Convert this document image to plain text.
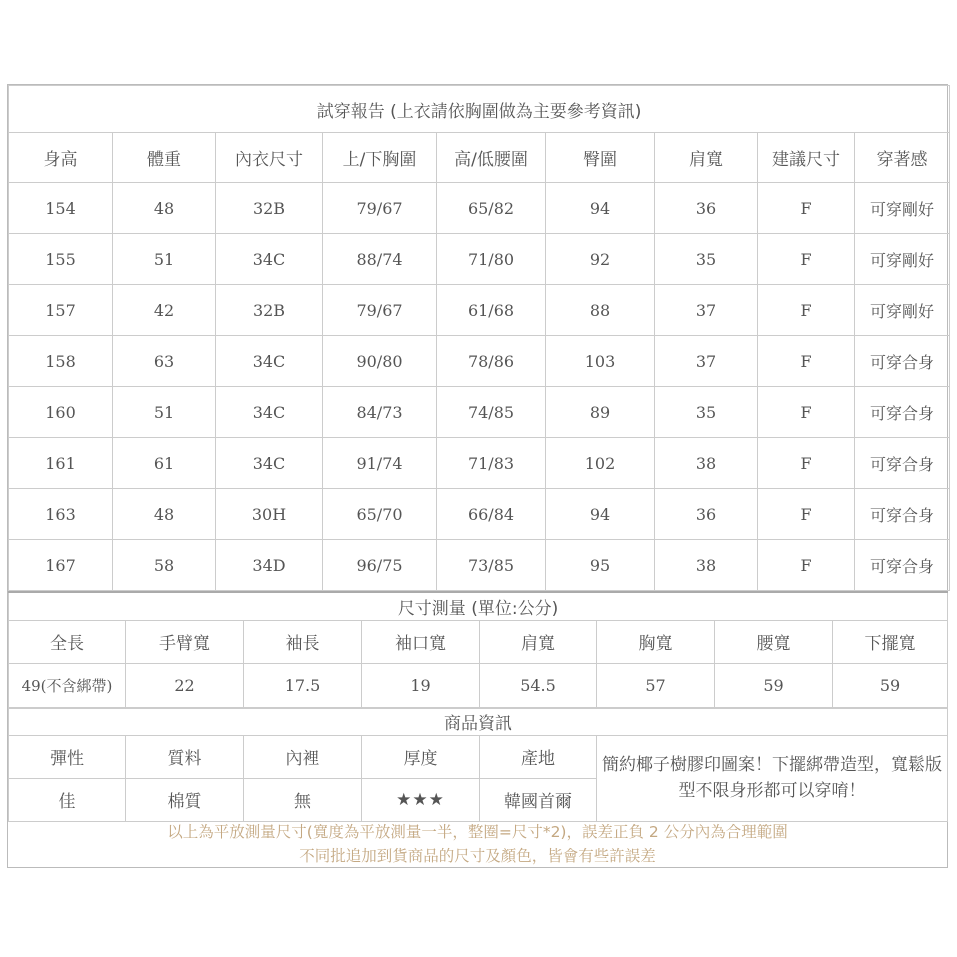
試穿報告 (上衣請依胸圍做為主要參考資訊)								
身高	體重	內衣尺寸	上/下胸圍	高/低腰圍	臀圍	肩寬	建議尺寸	穿著感
154	48	32B	79/67	65/82	94	36	F	可穿剛好
155	51	34C	88/74	71/80	92	35	F	可穿剛好
157	42	32B	79/67	61/68	88	37	F	可穿剛好
158	63	34C	90/80	78/86	103	37	F	可穿合身
160	51	34C	84/73	74/85	89	35	F	可穿合身
161	61	34C	91/74	71/83	102	38	F	可穿合身
163	48	30H	65/70	66/84	94	36	F	可穿合身
167	58	34D	96/75	73/85	95	38	F	可穿合身
尺寸測量 (單位:公分)							
全長	手臂寬	袖長	袖口寬	肩寬	胸寬	腰寬	下擺寬
49(不含綁帶)	22	17.5	19	54.5	57	59	59
商品資訊					
彈性	質料	內裡	厚度	產地	簡約椰子樹膠印圖案！下擺綁帶造型，寬鬆版型不限身形都可以穿唷！
佳	棉質	無	★★★	韓國首爾	
以上為平放測量尺寸(寬度為平放測量一半，整圈=尺寸*2)，誤差正負 2 公分內為合理範圍
不同批追加到貨商品的尺寸及顏色，皆會有些許誤差
